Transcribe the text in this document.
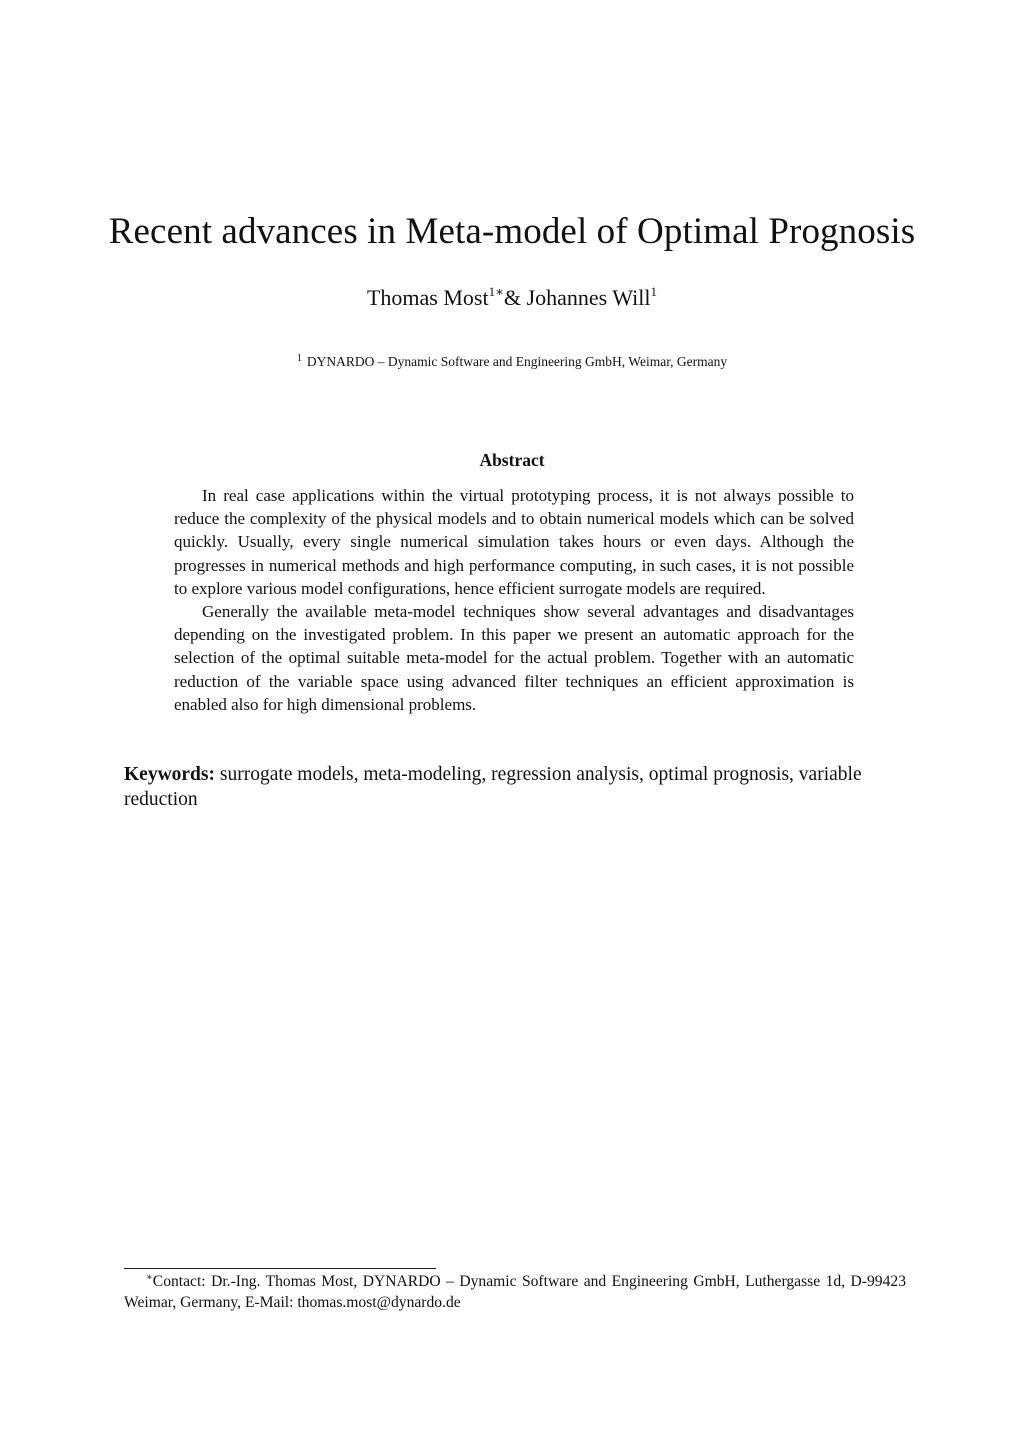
Recent advances in Meta-model of Optimal Prognosis
Thomas Most$^{1∗}$& Johannes Will$^1$
$^1$ DYNARDO – Dynamic Software and Engineering GmbH, Weimar, Germany
Abstract

In real case applications within the virtual prototyping process, it is not always possible to reduce the complexity of the physical models and to obtain numerical models which can be solved quickly. Usually, every single numerical simulation takes hours or even days. Although the progresses in numerical methods and high performance computing, in such cases, it is not possible to explore various model configurations, hence efficient surrogate models are required.

Generally the available meta-model techniques show several advantages and disadvantages depending on the investigated problem. In this paper we present an automatic approach for the selection of the optimal suitable meta-model for the actual problem. Together with an automatic reduction of the variable space using advanced filter techniques an efficient approximation is enabled also for high dimensional problems.

Keywords: surrogate models, meta-modeling, regression analysis, optimal prognosis, variable reduction
∗Contact: Dr.-Ing. Thomas Most, DYNARDO – Dynamic Software and Engineering GmbH, Luthergasse 1d, D-99423 Weimar, Germany, E-Mail: thomas.most@dynardo.de
